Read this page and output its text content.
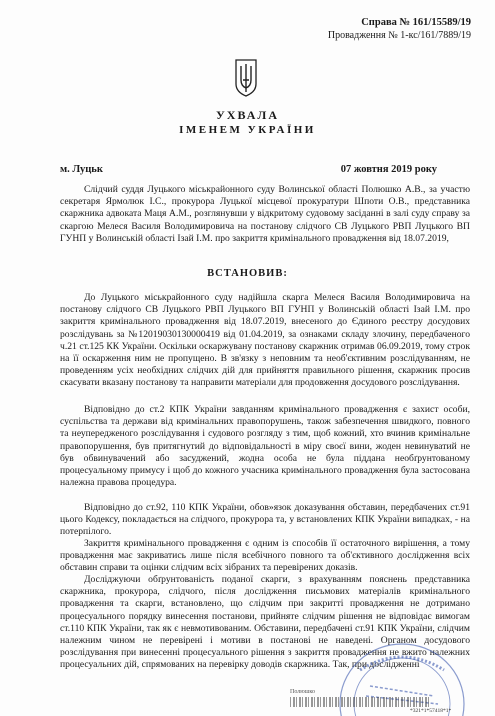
Справа № 161/15589/19
Провадження № 1-кс/161/7889/19
УХВАЛА
ІМЕНЕМ УКРАЇНИ
м. Луцьк	07 жовтня 2019 року

Слідчий суддя Луцького міськрайонного суду Волинської області Полюшко А.В., за участю секретаря Ярмолюк І.С., прокурора Луцької місцевої прокуратури Шпоти О.В., представника скаржника адвоката Маця А.М., розглянувши у відкритому судовому засіданні в залі суду справу за скаргою Мелеся Василя Володимировича на постанову слідчого СВ Луцького РВП Луцького ВП ГУНП у Волинській області Ізай І.М. про закриття кримінального провадження від 18.07.2019,

ВСТАНОВИВ:

До Луцького міськрайонного суду надійшла скарга Мелеся Василя Володимировича на постанову слідчого СВ Луцького РВП Луцького ВП ГУНП у Волинській області Ізай І.М. про закриття кримінального провадження від 18.07.2019, внесеного до Єдиного реєстру досудових розслідувань за №12019030130000419 від 01.04.2019, за ознаками складу злочину, передбаченого ч.21 ст.125 КК України. Оскільки оскаржувану постанову скаржник отримав 06.09.2019, тому строк на її оскарження ним не пропущено. В зв'язку з неповним та необ'єктивним розслідуванням, не проведенням усіх необхідних слідчих дій для прийняття правильного рішення, скаржник просив скасувати вказану постанову та направити матеріали для продовження досудового розслідування.

Відповідно до ст.2 КПК України завданням кримінального провадження є захист особи, суспільства та держави від кримінальних правопорушень, також забезпечення швидкого, повного та неупередженого розслідування і судового розгляду з тим, щоб кожний, хто вчинив кримінальне правопорушення, був притягнутий до відповідальності в міру своєї вини, жоден невинуватий не був обвинувачений або засуджений, жодна особа не була піддана необґрунтованому процесуальному примусу і щоб до кожного учасника кримінального провадження була застосована належна правова процедура.

Відповідно до ст.92, 110 КПК України, обов»язок доказування обставин, передбачених ст.91 цього Кодексу, покладається на слідчого, прокурора та, у встановлених КПК України випадках, - на потерпілого.

Закриття кримінального провадження є одним із способів її остаточного вирішення, а тому провадження має закриватись лише після всебічного повного та об'єктивного дослідження всіх обставин справи та оцінки слідчим всіх зібраних та перевірених доказів.

Досліджуючи обґрунтованість поданої скарги, з врахуванням пояснень представника скаржника, прокурора, слідчого, після дослідження письмових матеріалів кримінального провадження та скарги, встановлено, що слідчим при закритті провадження не дотримано процесуального порядку винесення постанови, прийняте слідчим рішення не відповідає вимогам ст.110 КПК України, так як є невмотивованим. Обставини, передбачені ст.91 КПК України, слідчим належним чином не перевірені і мотиви в постанові не наведені. Органом досудового розслідування при винесенні процесуального рішення з закриття провадження не вжито належних процесуальних дій, спрямованих на перевірку доводів скаржника. Так, при дослідженні

Полюшко
*321*1*57418*1*
